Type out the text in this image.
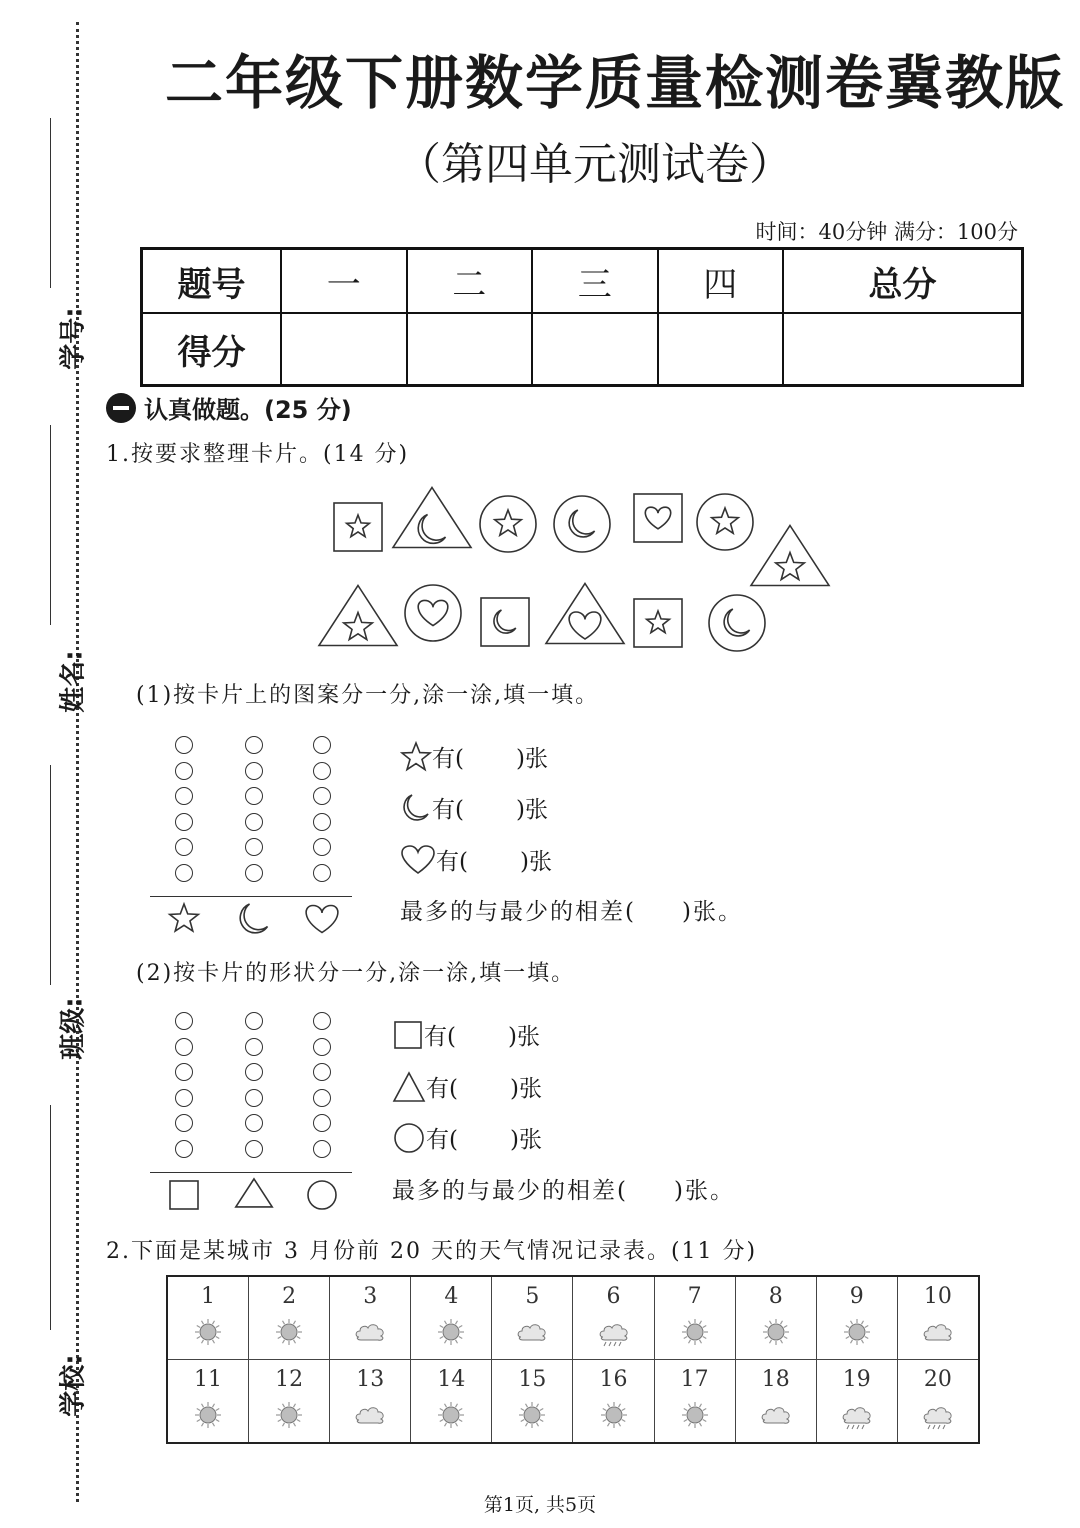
学号:
姓名:
班级:
学校:
二年级下册数学质量检测卷冀教版
（第四单元测试卷）
时间：40分钟 满分：100分
题号	一	二	三	四	总分
得分					
认真做题。(25 分)
1.按要求整理卡片。(14 分)
(1)按卡片上的图案分一分,涂一涂,填一填。
有( )张
有( )张
有( )张
最多的与最少的相差( )张。
(2)按卡片的形状分一分,涂一涂,填一填。
有( )张
有( )张
有( )张
最多的与最少的相差( )张。
2.下面是某城市 3 月份前 20 天的天气情况记录表。(11 分)
1	2	3	4	5	6	7	8	9	10

11	12	13	14	15	16	17	18	19	20
第1页, 共5页
